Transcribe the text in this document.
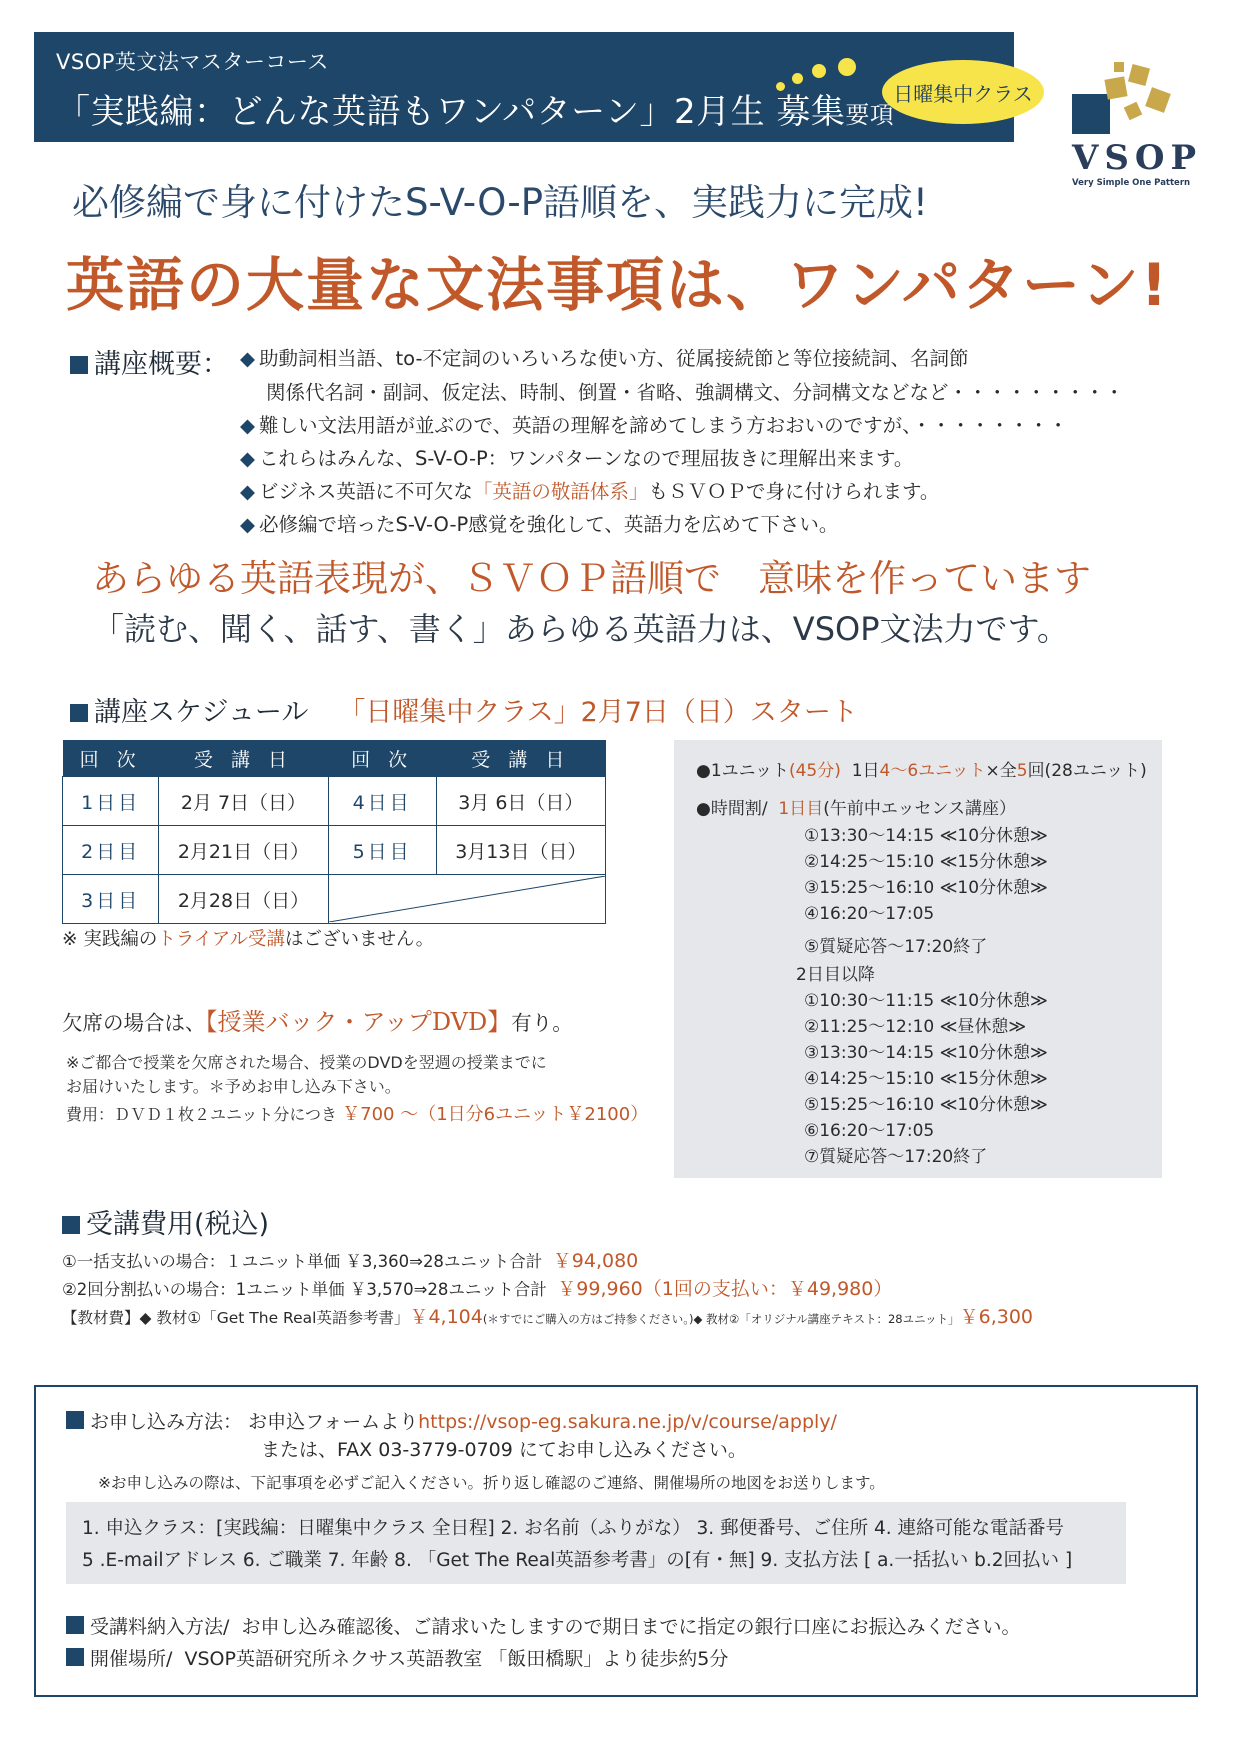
VSOP英文法マスターコース
「実践編：どんな英語もワンパターン」2月生 募集要項
日曜集中クラス
VSOP
Very Simple One Pattern
必修編で身に付けたS-V-O-P語順を、実践力に完成!
英語の大量な文法事項は、ワンパターン!
講座概要： ◆ 助動詞相当語、to-不定詞のいろいろな使い方、従属接続節と等位接続詞、名詞節
関係代名詞・副詞、仮定法、時制、倒置・省略、強調構文、分詞構文などなど・・・・・・・・・
◆ 難しい文法用語が並ぶので、英語の理解を諦めてしまう方おおいのですが、・・・・・・・・
◆ これらはみんな、S-V-O-P：ワンパターンなので理屈抜きに理解出来ます。
◆ ビジネス英語に不可欠な「英語の敬語体系」もＳＶＯＰで身に付けられます。
◆ 必修編で培ったS-V-O-P感覚を強化して、英語力を広めて下さい。
あらゆる英語表現が、ＳＶＯＰ語順で　意味を作っています
「読む、聞く、話す、書く」あらゆる英語力は、VSOP文法力です。
講座スケジュール 「日曜集中クラス」2月7日（日）スタート
回 次	受 講 日	回 次	受 講 日
1日目	2月 7日（日）	4日目	3月 6日（日）
2日目	2月21日（日）	5日目	3月13日（日）
3日目	2月28日（日）	
※ 実践編のトライアル受講はございません。
欠席の場合は、【授業バック・アップDVD】有り。
※ご都合で授業を欠席された場合、授業のDVDを翌週の授業までに
お届けいたします。＊予めお申し込み下さい。
費用：ＤＶＤ１枚２ユニット分につき ￥700 ～（1日分6ユニット￥2100）
●1ユニット(45分) 1日4～6ユニット×全5回(28ユニット)
●時間割/ 1日目(午前中エッセンス講座）
①13:30～14:15 ≪10分休憩≫
②14:25～15:10 ≪15分休憩≫
③15:25～16:10 ≪10分休憩≫
④16:20～17:05
⑤質疑応答～17:20終了
2日目以降
①10:30～11:15 ≪10分休憩≫
②11:25～12:10 ≪昼休憩≫
③13:30～14:15 ≪10分休憩≫
④14:25～15:10 ≪15分休憩≫
⑤15:25～16:10 ≪10分休憩≫
⑥16:20～17:05
⑦質疑応答～17:20終了
受講費用(税込)
①一括支払いの場合：１ユニット単価 ￥3,360⇒28ユニット合計 ￥94,080
②2回分割払いの場合：1ユニット単価 ￥3,570⇒28ユニット合計 ￥99,960（1回の支払い：￥49,980）
【教材費】◆ 教材①「Get The Real英語参考書」￥4,104(＊すでにご購入の方はご持参ください。)◆ 教材②「オリジナル講座テキスト：28ユニット」￥6,300
お申し込み方法： お申込フォームよりhttps://vsop-eg.sakura.ne.jp/v/course/apply/
または、FAX 03-3779-0709 にてお申し込みください。
※お申し込みの際は、下記事項を必ずご記入ください。折り返し確認のご連絡、開催場所の地図をお送りします。
1. 申込クラス：[実践編：日曜集中クラス 全日程] 2. お名前（ふりがな） 3. 郵便番号、ご住所 4. 連絡可能な電話番号
5 .E-mailアドレス 6. ご職業 7. 年齢 8. 「Get The Real英語参考書」の[有・無] 9. 支払方法 [ a.一括払い b.2回払い ]
受講料納入方法/ お申し込み確認後、ご請求いたしますので期日までに指定の銀行口座にお振込みください。
開催場所/ VSOP英語研究所ネクサス英語教室 「飯田橋駅」より徒歩約5分
